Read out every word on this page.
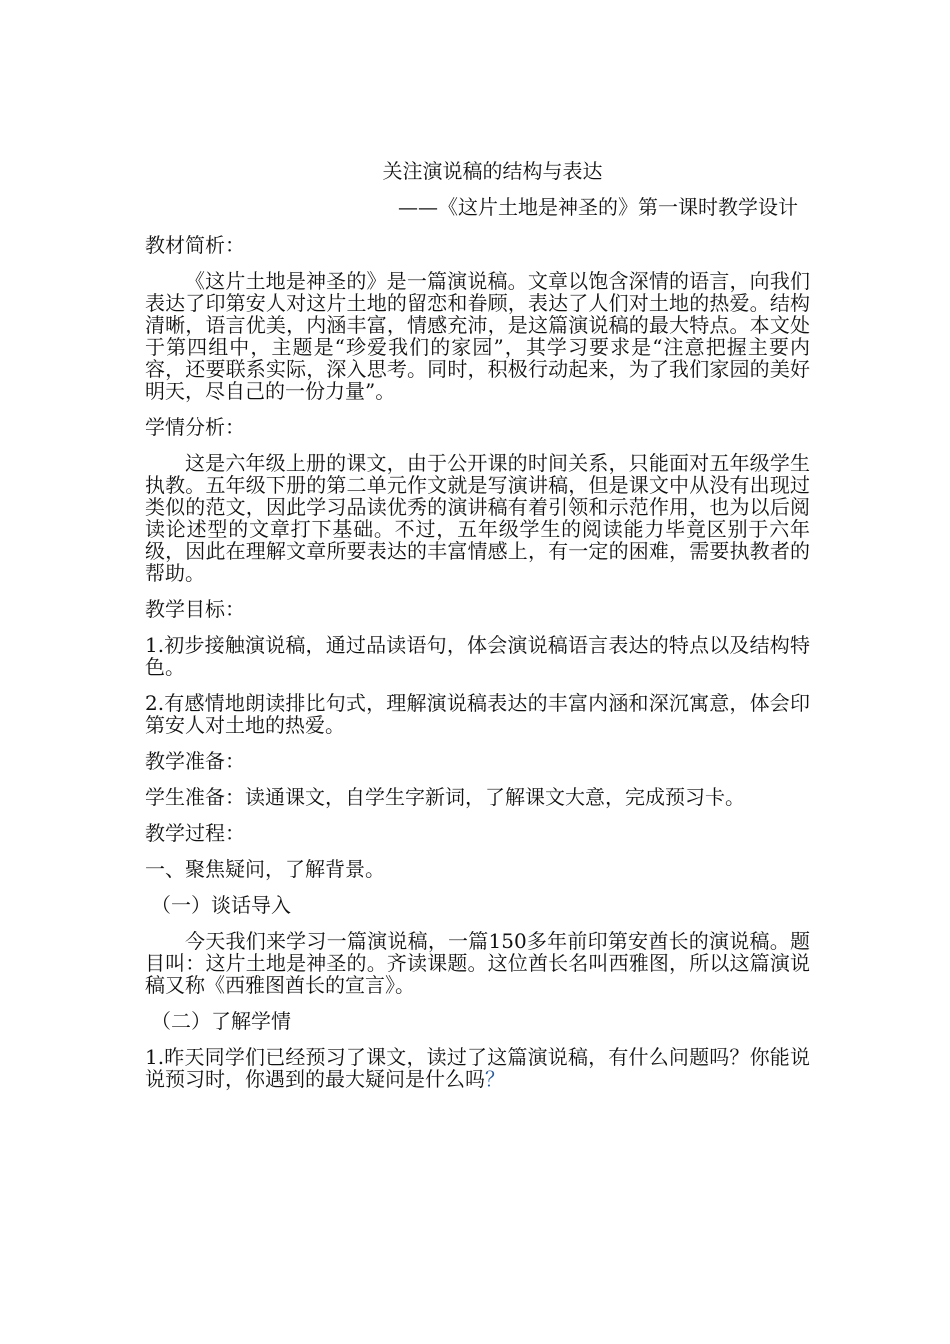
关注演说稿的结构与表达
——《这片土地是神圣的》第一课时教学设计
教材简析：
《这片土地是神圣的》是一篇演说稿。文章以饱含深情的语言，向我们表达了印第安人对这片土地的留恋和眷顾，表达了人们对土地的热爱。结构清晰，语言优美，内涵丰富，情感充沛，是这篇演说稿的最大特点。本文处于第四组中，主题是“珍爱我们的家园”，其学习要求是“注意把握主要内容，还要联系实际，深入思考。同时，积极行动起来，为了我们家园的美好明天，尽自己的一份力量”。
学情分析：
这是六年级上册的课文，由于公开课的时间关系，只能面对五年级学生执教。五年级下册的第二单元作文就是写演讲稿，但是课文中从没有出现过类似的范文，因此学习品读优秀的演讲稿有着引领和示范作用，也为以后阅读论述型的文章打下基础。不过，五年级学生的阅读能力毕竟区别于六年级，因此在理解文章所要表达的丰富情感上，有一定的困难，需要执教者的帮助。
教学目标：
1.初步接触演说稿，通过品读语句，体会演说稿语言表达的特点以及结构特色。
2.有感情地朗读排比句式，理解演说稿表达的丰富内涵和深沉寓意，体会印第安人对土地的热爱。
教学准备：
学生准备：读通课文，自学生字新词，了解课文大意，完成预习卡。
教学过程：
一、聚焦疑问，了解背景。
（一）谈话导入
今天我们来学习一篇演说稿，一篇150多年前印第安酋长的演说稿。题目叫：这片土地是神圣的。齐读课题。这位酋长名叫西雅图，所以这篇演说稿又称《西雅图酋长的宣言》。
（二）了解学情
1.昨天同学们已经预习了课文，读过了这篇演说稿，有什么问题吗？你能说说预习时，你遇到的最大疑问是什么吗？
